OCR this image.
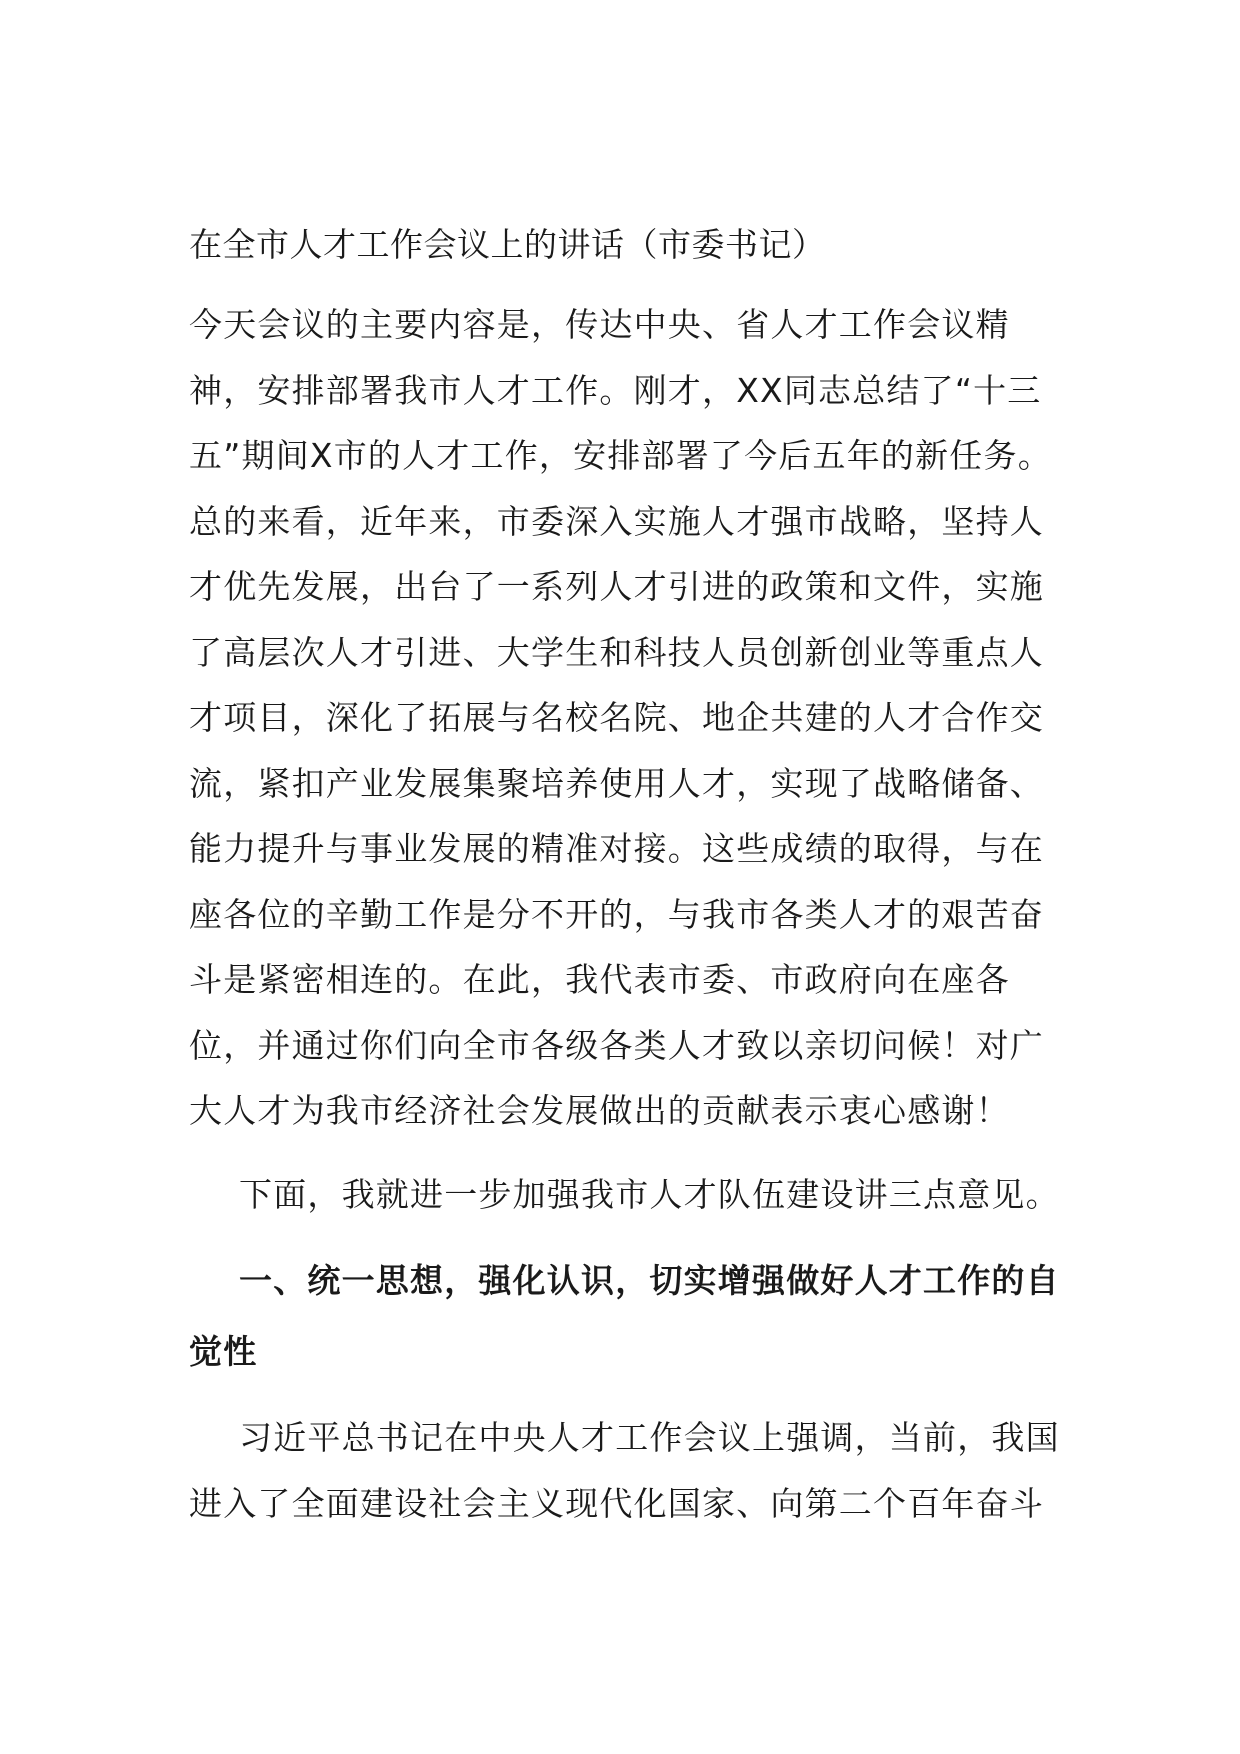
在全市人才工作会议上的讲话（市委书记）

今天会议的主要内容是，传达中央、省人才工作会议精神，安排部署我市人才工作。刚才，XX同志总结了“十三五”期间X市的人才工作，安排部署了今后五年的新任务。总的来看，近年来，市委深入实施人才强市战略，坚持人才优先发展，出台了一系列人才引进的政策和文件，实施了高层次人才引进、大学生和科技人员创新创业等重点人才项目，深化了拓展与名校名院、地企共建的人才合作交流，紧扣产业发展集聚培养使用人才，实现了战略储备、能力提升与事业发展的精准对接。这些成绩的取得，与在座各位的辛勤工作是分不开的，与我市各类人才的艰苦奋斗是紧密相连的。在此，我代表市委、市政府向在座各位，并通过你们向全市各级各类人才致以亲切问候！对广大人才为我市经济社会发展做出的贡献表示衷心感谢！

下面，我就进一步加强我市人才队伍建设讲三点意见。

一、统一思想，强化认识，切实增强做好人才工作的自觉性

习近平总书记在中央人才工作会议上强调，当前，我国进入了全面建设社会主义现代化国家、向第二个百年奋斗
